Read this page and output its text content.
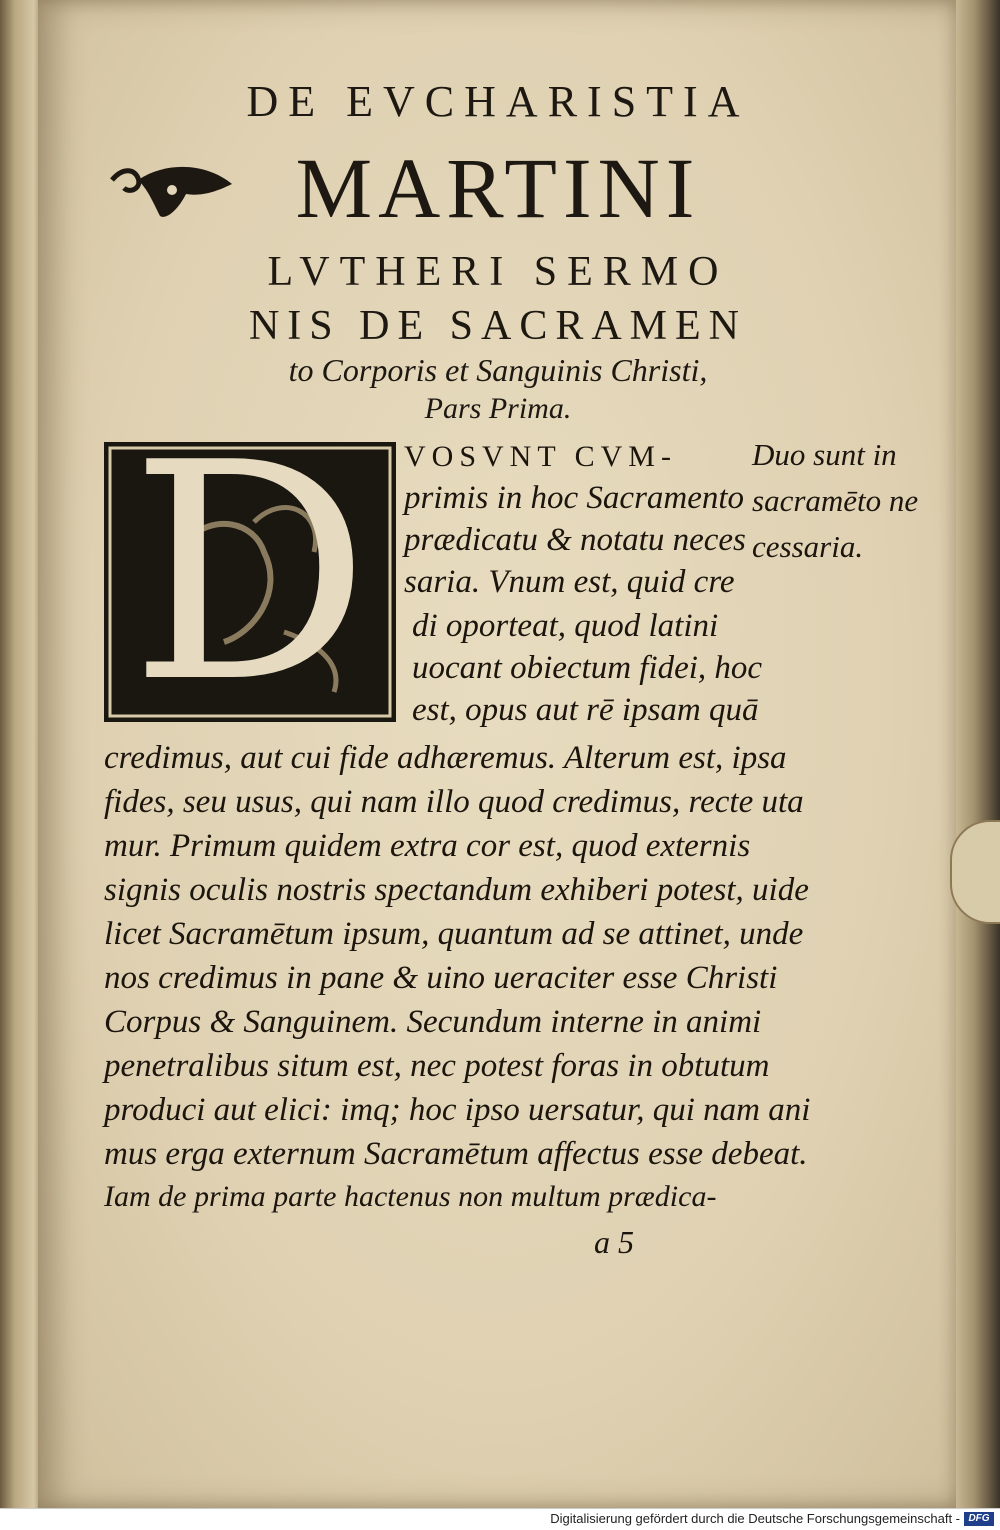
DE EVCHARISTIA
MARTINI
LVTHERI SERMO
NIS DE SACRAMEN
to Corporis et Sanguinis Christi,
Pars Prima.
D	VOSVNT CVM-
primis in hoc Sacramento
prædicatu & notatu neces
saria. Vnum est, quid cre
di oporteat, quod latini
uocant obiectum fidei, hoc
est, opus aut rē ipsam quā
credimus, aut cui fide adhæremus. Alterum est, ipsa
fides, seu usus, qui nam illo quod credimus, recte uta
mur. Primum quidem extra cor est, quod externis
signis oculis nostris spectandum exhiberi potest, uide
licet Sacramētum ipsum, quantum ad se attinet, unde
nos credimus in pane & uino ueraciter esse Christi
Corpus & Sanguinem. Secundum interne in animi
penetralibus situm est, nec potest foras in obtutum
produci aut elici: imq; hoc ipso uersatur, qui nam ani
mus erga externum Sacramētum affectus esse debeat.
Iam de prima parte hactenus non multum prædica-
Duo sunt in
sacramēto ne
cessaria.
a 5
Digitalisierung gefördert durch die Deutsche Forschungsgemeinschaft - DFG
